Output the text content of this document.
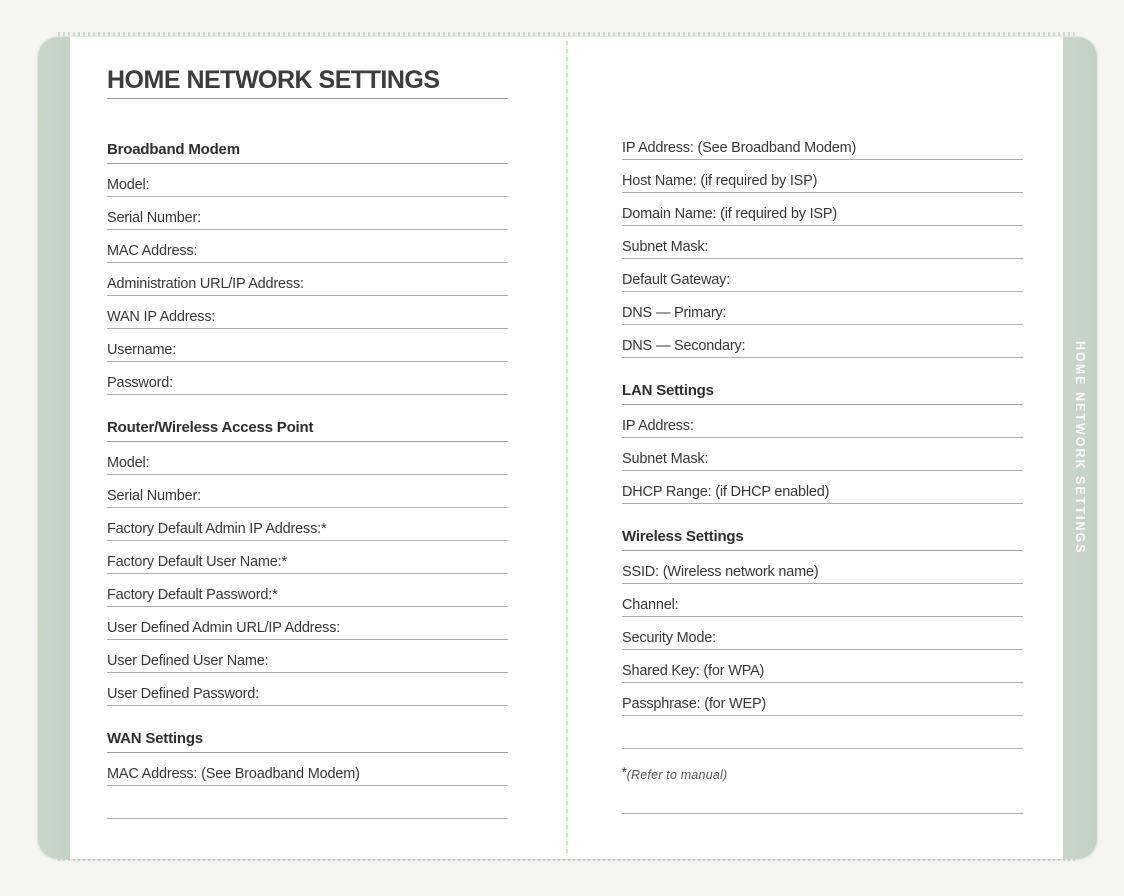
HOME NETWORK SETTINGS
HOME NETWORK SETTINGS
Broadband Modem
Model:
Serial Number:
MAC Address:
Administration URL/IP Address:
WAN IP Address:
Username:
Password:
Router/Wireless Access Point
Model:
Serial Number:
Factory Default Admin IP Address:*
Factory Default User Name:*
Factory Default Password:*
User Defined Admin URL/IP Address:
User Defined User Name:
User Defined Password:
WAN Settings
MAC Address: (See Broadband Modem)
IP Address: (See Broadband Modem)
Host Name: (if required by ISP)
Domain Name: (if required by ISP)
Subnet Mask:
Default Gateway:
DNS — Primary:
DNS — Secondary:
LAN Settings
IP Address:
Subnet Mask:
DHCP Range: (if DHCP enabled)
Wireless Settings
SSID: (Wireless network name)
Channel:
Security Mode:
Shared Key: (for WPA)
Passphrase: (for WEP)
*(Refer to manual)
